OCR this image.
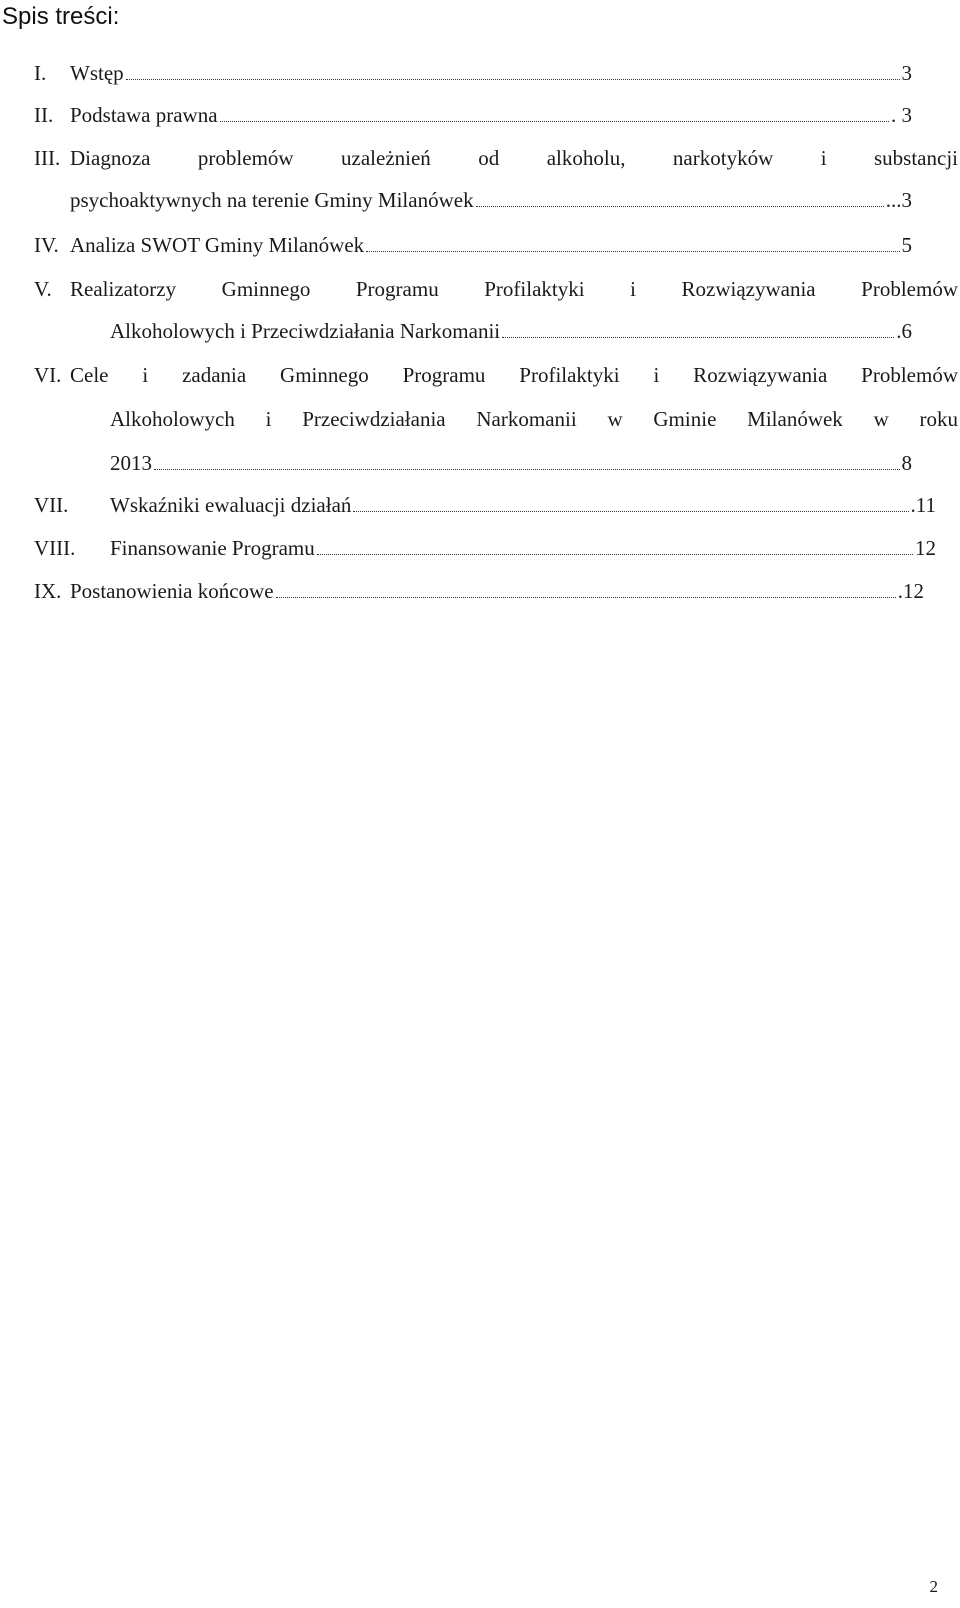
Spis treści:
I. Wstęp	3
II. Podstawa prawna	. 3
III. Diagnoza problemów uzależnień od alkoholu, narkotyków i substancji
psychoaktywnych na terenie Gminy Milanówek	...3
IV. Analiza SWOT Gminy Milanówek	5
V. Realizatorzy Gminnego Programu Profilaktyki i Rozwiązywania Problemów
Alkoholowych i Przeciwdziałania Narkomanii	.6
VI. Cele i zadania Gminnego Programu Profilaktyki i Rozwiązywania Problemów
Alkoholowych i Przeciwdziałania Narkomanii w Gminie Milanówek w roku
2013	8
VII. Wskaźniki ewaluacji działań	.11
VIII. Finansowanie Programu	12
IX. Postanowienia końcowe	.12
2
